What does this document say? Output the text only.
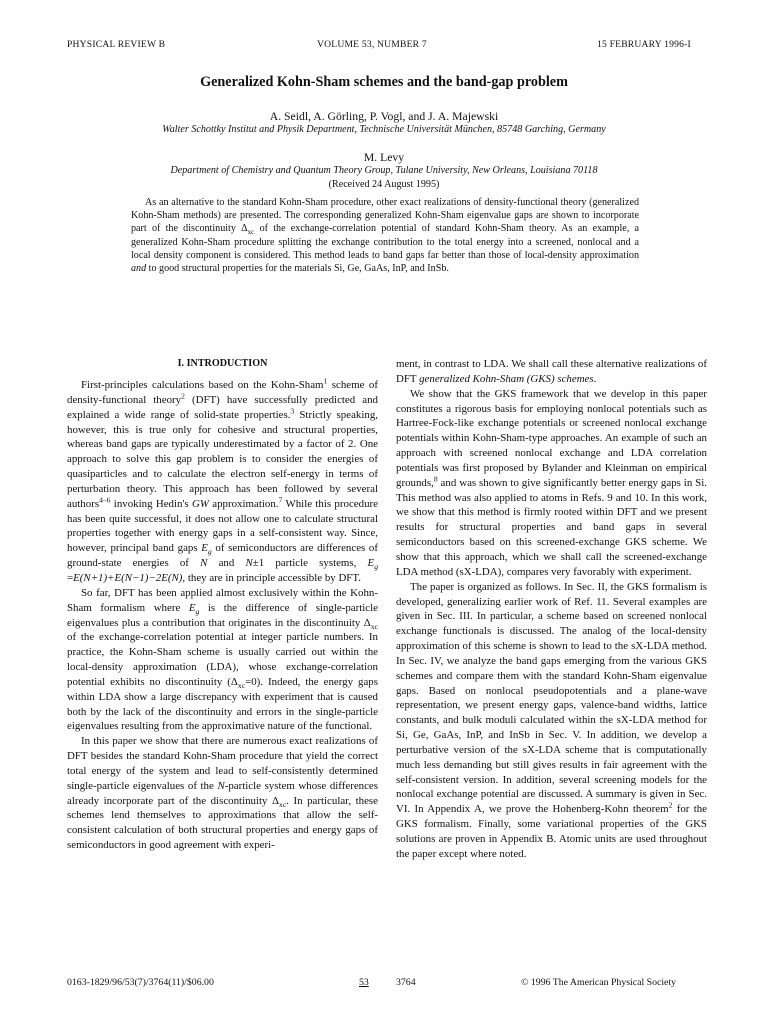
PHYSICAL REVIEW B	VOLUME 53, NUMBER 7	15 FEBRUARY 1996-I
Generalized Kohn-Sham schemes and the band-gap problem
A. Seidl, A. Görling, P. Vogl, and J. A. Majewski
Walter Schottky Institut and Physik Department, Technische Universität München, 85748 Garching, Germany
M. Levy
Department of Chemistry and Quantum Theory Group, Tulane University, New Orleans, Louisiana 70118
(Received 24 August 1995)

As an alternative to the standard Kohn-Sham procedure, other exact realizations of density-functional theory (generalized Kohn-Sham methods) are presented. The corresponding generalized Kohn-Sham eigenvalue gaps are shown to incorporate part of the discontinuity $\Delta_{xc}$ of the exchange-correlation potential of standard Kohn-Sham theory. As an example, a generalized Kohn-Sham procedure splitting the exchange contribution to the total energy into a screened, nonlocal and a local density component is considered. This method leads to band gaps far better than those of local-density approximation and to good structural properties for the materials Si, Ge, GaAs, InP, and InSb.

I. INTRODUCTION

First-principles calculations based on the Kohn-Sham$^1$ scheme of density-functional theory$^2$ (DFT) have successfully predicted and explained a wide range of solid-state properties.$^3$ Strictly speaking, however, this is true only for cohesive and structural properties, whereas band gaps are typically underestimated by a factor of 2. One approach to solve this gap problem is to consider the energies of quasiparticles and to calculate the electron self-energy in terms of perturbation theory. This approach has been followed by several authors$^{4-6}$ invoking Hedin's GW approximation.$^7$ While this procedure has been quite successful, it does not allow one to calculate structural properties together with energy gaps in a self-consistent way. Since, however, principal band gaps $E_g$ of semiconductors are differences of ground-state energies of N and N±1 particle systems, $E_g =E(N+1)+E(N-1)-2E(N)$, they are in principle accessible by DFT.

So far, DFT has been applied almost exclusively within the Kohn-Sham formalism where $E_g$ is the difference of single-particle eigenvalues plus a contribution that originates in the discontinuity $\Delta_{xc}$ of the exchange-correlation potential at integer particle numbers. In practice, the Kohn-Sham scheme is usually carried out within the local-density approximation (LDA), whose exchange-correlation potential exhibits no discontinuity $(\Delta_{xc}=0)$. Indeed, the energy gaps within LDA show a large discrepancy with experiment that is caused both by the lack of the discontinuity and errors in the single-particle eigenvalues resulting from the approximative nature of the functional.

In this paper we show that there are numerous exact realizations of DFT besides the standard Kohn-Sham procedure that yield the correct total energy of the system and lead to self-consistently determined single-particle eigenvalues of the N-particle system whose differences already incorporate part of the discontinuity $\Delta_{xc}$. In particular, these schemes lend themselves to approximations that allow the self-consistent calculation of both structural properties and energy gaps of semiconductors in good agreement with experi-

ment, in contrast to LDA. We shall call these alternative realizations of DFT generalized Kohn-Sham (GKS) schemes.

We show that the GKS framework that we develop in this paper constitutes a rigorous basis for employing nonlocal potentials such as Hartree-Fock-like exchange potentials or screened nonlocal exchange potentials within Kohn-Sham-type approaches. An example of such an approach with screened nonlocal exchange and LDA correlation potentials was first proposed by Bylander and Kleinman on empirical grounds,$^8$ and was shown to give significantly better energy gaps in Si. This method was also applied to atoms in Refs. 9 and 10. In this work, we show that this method is firmly rooted within DFT and we present results for structural properties and band gaps in several semiconductors based on this screened-exchange GKS scheme. We show that this approach, which we shall call the screened-exchange LDA method (sX-LDA), compares very favorably with experiment.

The paper is organized as follows. In Sec. II, the GKS formalism is developed, generalizing earlier work of Ref. 11. Several examples are given in Sec. III. In particular, a scheme based on screened nonlocal exchange functionals is discussed. The analog of the local-density approximation of this scheme is shown to lead to the sX-LDA method. In Sec. IV, we analyze the band gaps emerging from the various GKS schemes and compare them with the standard Kohn-Sham eigenvalue gaps. Based on nonlocal pseudopotentials and a plane-wave representation, we present energy gaps, valence-band widths, lattice constants, and bulk moduli calculated within the sX-LDA method for Si, Ge, GaAs, InP, and InSb in Sec. V. In addition, we develop a perturbative version of the sX-LDA scheme that is computationally much less demanding but still gives results in fair agreement with the self-consistent version. In addition, several screening models for the nonlocal exchange potential are discussed. A summary is given in Sec. VI. In Appendix A, we prove the Hohenberg-Kohn theorem$^2$ for the GKS formalism. Finally, some variational properties of the GKS solutions are proven in Appendix B. Atomic units are used throughout the paper except where noted.

0163-1829/96/53(7)/3764(11)/$06.00	53	3764	© 1996 The American Physical Society
